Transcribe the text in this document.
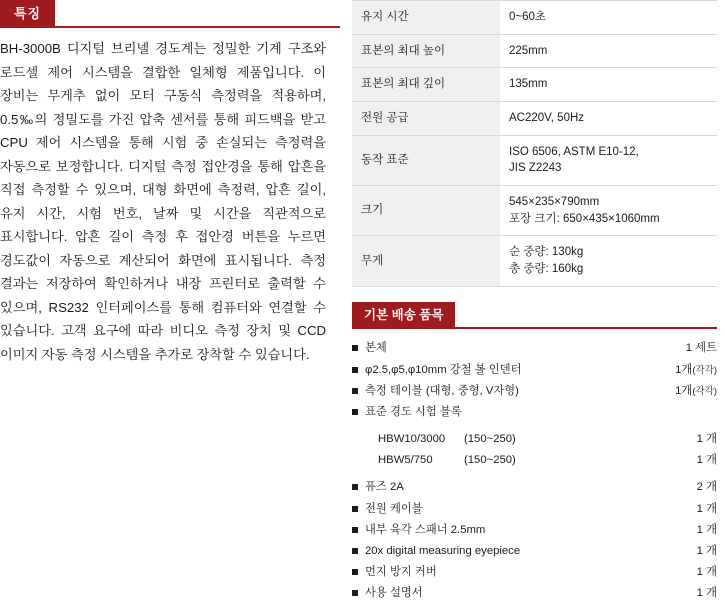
특징
BH-3000B 디지털 브리넬 경도계는 정밀한 기계 구조와 로드셀 제어 시스템을 결합한 일체형 제품입니다. 이 장비는 무게추 없이 모터 구동식 측정력을 적용하며, 0.5‰의 정밀도를 가진 압축 센서를 통해 피드백을 받고 CPU 제어 시스템을 통해 시험 중 손실되는 측정력을 자동으로 보정합니다. 디지털 측정 접안경을 통해 압흔을 직접 측정할 수 있으며, 대형 화면에 측정력, 압흔 길이, 유지 시간, 시험 번호, 날짜 및 시간을 직관적으로 표시합니다. 압흔 길이 측정 후 접안경 버튼을 누르면 경도값이 자동으로 계산되어 화면에 표시됩니다. 측정 결과는 저장하여 확인하거나 내장 프린터로 출력할 수 있으며, RS232 인터페이스를 통해 컴퓨터와 연결할 수 있습니다. 고객 요구에 따라 비디오 측정 장치 및 CCD 이미지 자동 측정 시스템을 추가로 장착할 수 있습니다.
유지 시간	0~60초
표본의 최대 높이	225mm
표본의 최대 깊이	135mm
전원 공급	AC220V, 50Hz
동작 표준	ISO 6506, ASTM E10-12,
JIS Z2243
크기	545×235×790mm
포장 크기: 650×435×1060mm
무게	순 중량: 130kg
총 중량: 160kg
기본 배송 품목
본체	1 세트
φ2.5,φ5,φ10mm 강철 볼 인덴터	1개(각각)
측정 테이블 (대형, 중형, V자형)	1개(각각)
표준 경도 시험 블록
HBW10/3000	(150~250)	1 개
HBW5/750	(150~250)	1 개
퓨즈 2A	2 개
전원 케이블	1 개
내부 육각 스패너 2.5mm	1 개
20x digital measuring eyepiece	1 개
먼지 방지 커버	1 개
사용 설명서	1 개
